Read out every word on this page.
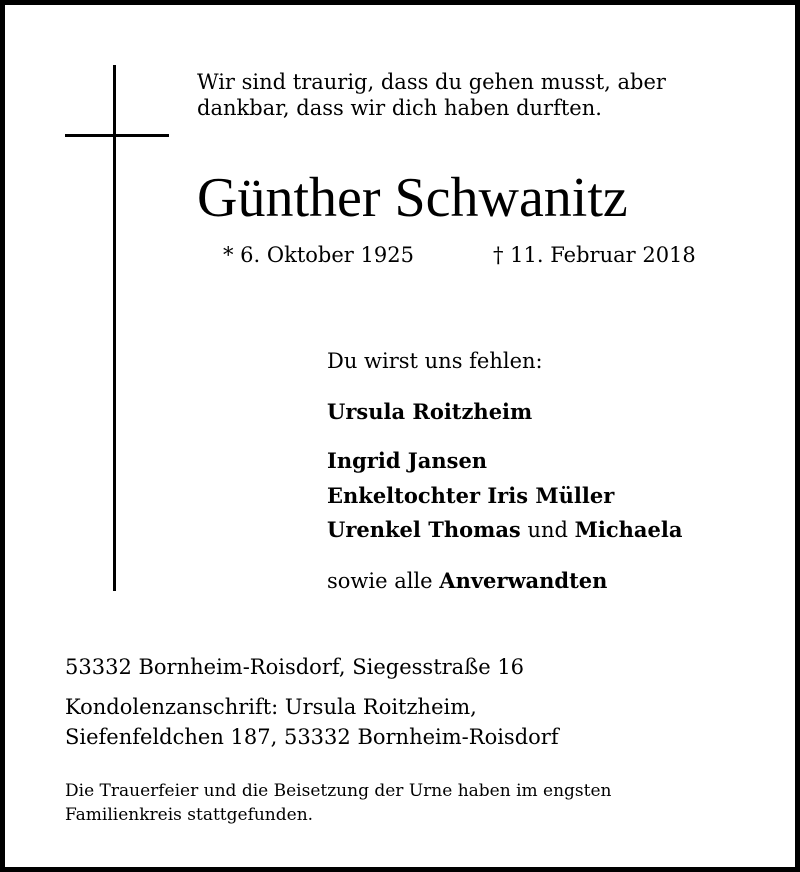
Wir sind traurig, dass du gehen musst, aber
dankbar, dass wir dich haben durften.
Günther Schwanitz
* 6. Oktober 1925	† 11. Februar 2018
Du wirst uns fehlen:
Ursula Roitzheim
Ingrid Jansen
Enkeltochter Iris Müller
Urenkel Thomas und Michaela
sowie alle Anverwandten
53332 Bornheim-Roisdorf, Siegesstraße 16
Kondolenzanschrift: Ursula Roitzheim,
Siefenfeldchen 187, 53332 Bornheim-Roisdorf
Die Trauerfeier und die Beisetzung der Urne haben im engsten
Familienkreis stattgefunden.
